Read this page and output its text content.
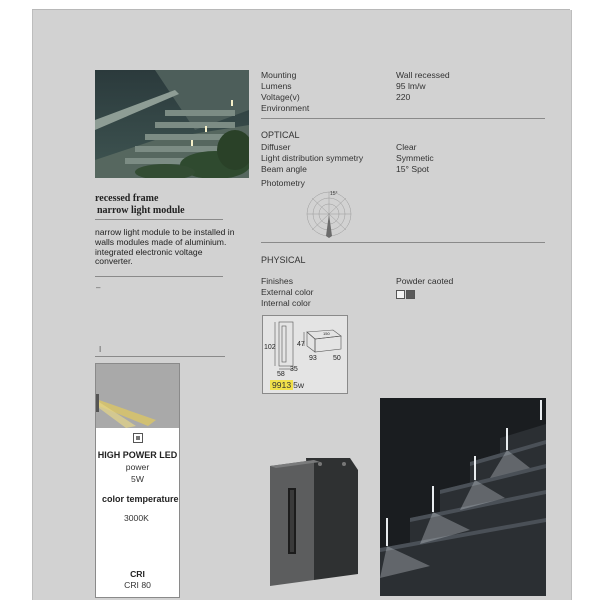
recessed frame
narrow light module
narrow light module to be installed in walls modules made of aluminium. integrated electronic voltage converter.
–
Mounting	Wall recessed
Lumens	95 lm/w
Voltage(v)	220
Environment
OPTICAL
Diffuser	Clear
Light distribution symmetry	Symmetic
Beam angle	15° Spot
Photometry
15°
PHYSICAL
Finishes	Powder caoted
External color
Internal color
102
58
35
47
93 50
150
9913 5w
I
HIGH POWER LED
power
5W
color temperature
3000K
CRI
CRI 80
